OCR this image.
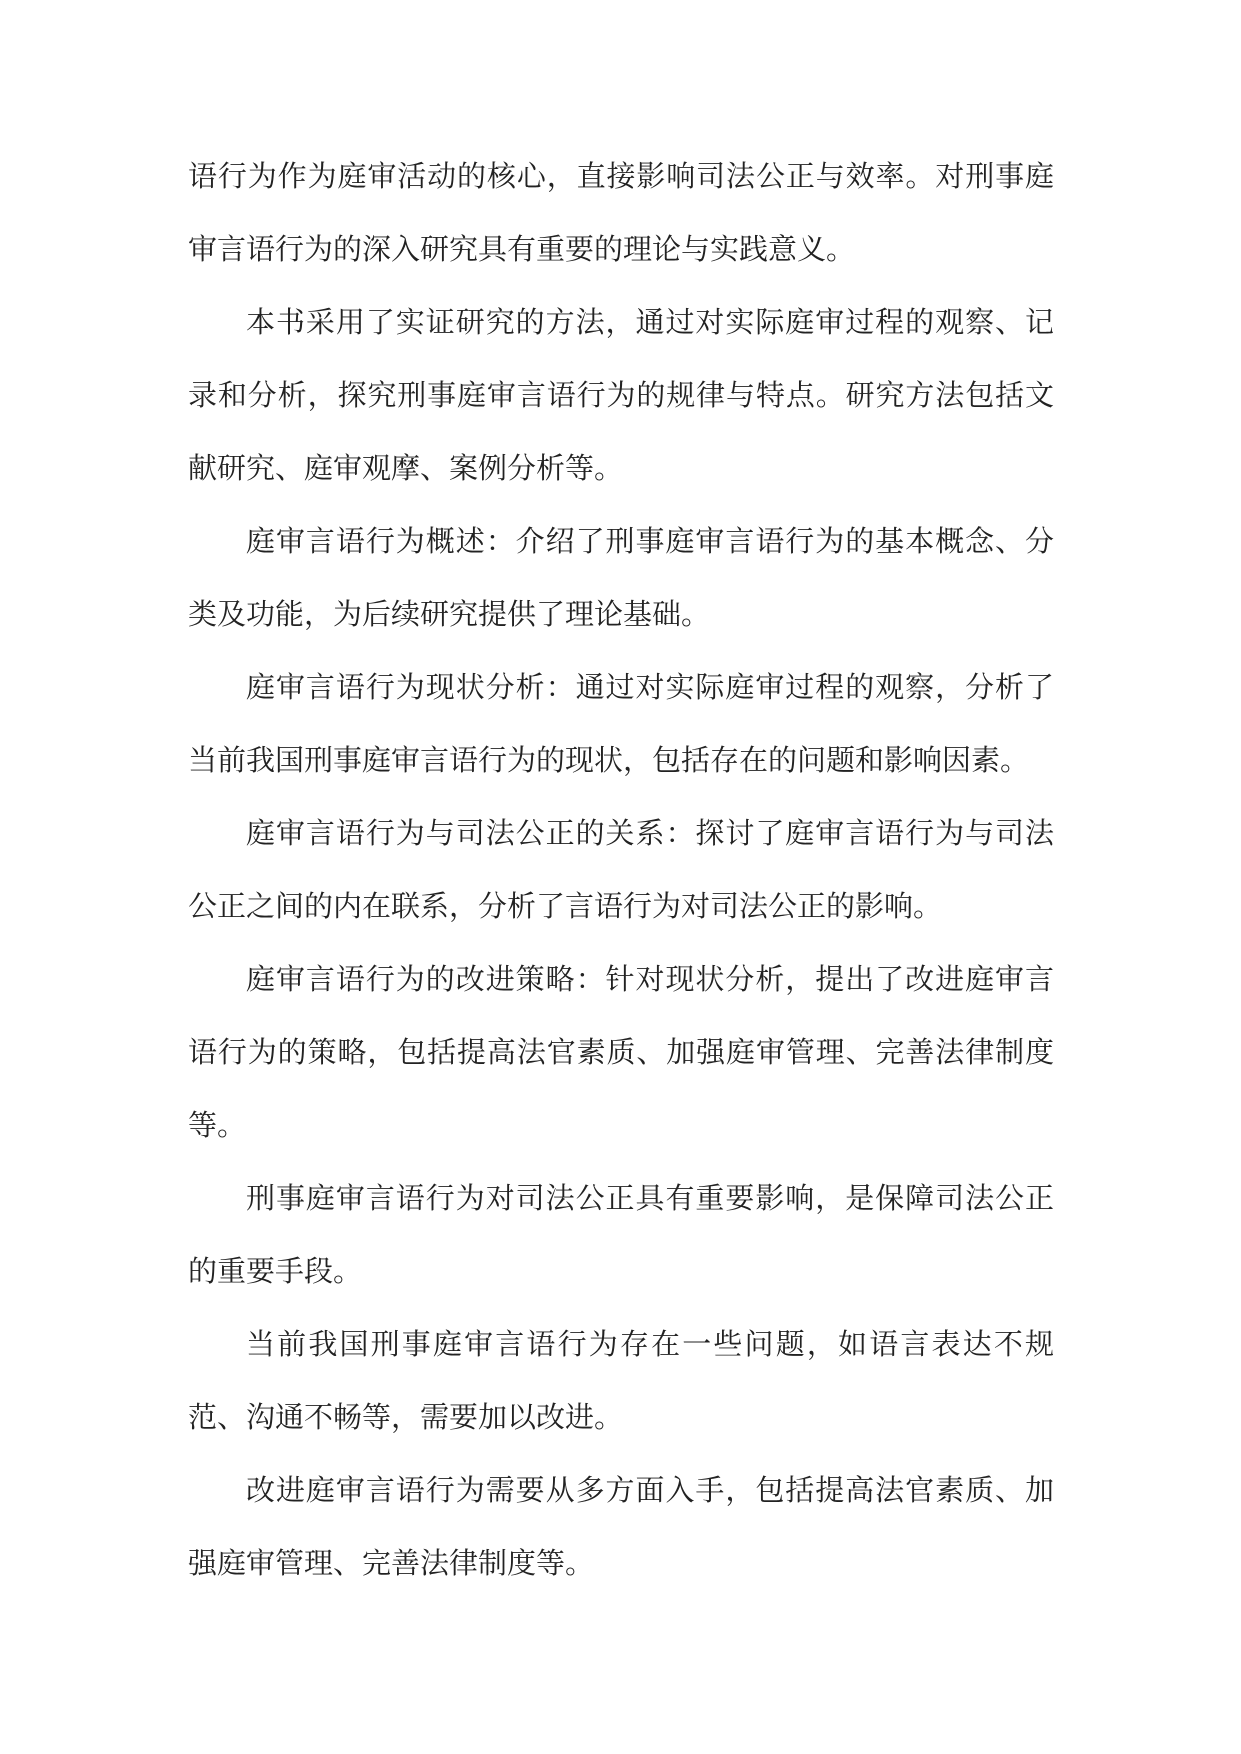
语行为作为庭审活动的核心，直接影响司法公正与效率。对刑事庭审言语行为的深入研究具有重要的理论与实践意义。

本书采用了实证研究的方法，通过对实际庭审过程的观察、记录和分析，探究刑事庭审言语行为的规律与特点。研究方法包括文献研究、庭审观摩、案例分析等。

庭审言语行为概述：介绍了刑事庭审言语行为的基本概念、分类及功能，为后续研究提供了理论基础。

庭审言语行为现状分析：通过对实际庭审过程的观察，分析了当前我国刑事庭审言语行为的现状，包括存在的问题和影响因素。

庭审言语行为与司法公正的关系：探讨了庭审言语行为与司法公正之间的内在联系，分析了言语行为对司法公正的影响。

庭审言语行为的改进策略：针对现状分析，提出了改进庭审言语行为的策略，包括提高法官素质、加强庭审管理、完善法律制度等。

刑事庭审言语行为对司法公正具有重要影响，是保障司法公正的重要手段。

当前我国刑事庭审言语行为存在一些问题，如语言表达不规范、沟通不畅等，需要加以改进。

改进庭审言语行为需要从多方面入手，包括提高法官素质、加强庭审管理、完善法律制度等。
